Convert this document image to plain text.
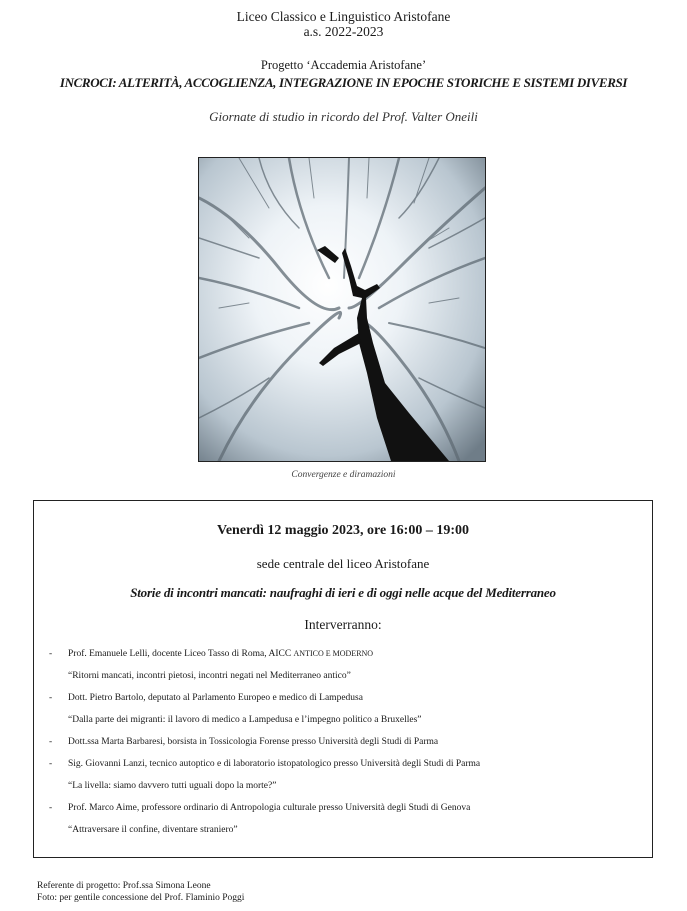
Liceo Classico e Linguistico Aristofane
a.s. 2022-2023
Progetto ‘Accademia Aristofane’
INCROCI: ALTERITÀ, ACCOGLIENZA, INTEGRAZIONE IN EPOCHE STORICHE E SISTEMI DIVERSI
Giornate di studio in ricordo del Prof. Valter Oneili
Convergenze e diramazioni
Venerdì 12 maggio 2023, ore 16:00 – 19:00
sede centrale del liceo Aristofane
Storie di incontri mancati: naufraghi di ieri e di oggi nelle acque del Mediterraneo
Interverranno:
- Prof. Emanuele Lelli, docente Liceo Tasso di Roma, AICC ANTICO E MODERNO
“Ritorni mancati, incontri pietosi, incontri negati nel Mediterraneo antico”
- Dott. Pietro Bartolo, deputato al Parlamento Europeo e medico di Lampedusa
“Dalla parte dei migranti: il lavoro di medico a Lampedusa e l’impegno politico a Bruxelles”
- Dott.ssa Marta Barbaresi, borsista in Tossicologia Forense presso Università degli Studi di Parma
- Sig. Giovanni Lanzi, tecnico autoptico e di laboratorio istopatologico presso Università degli Studi di Parma
“La livella: siamo davvero tutti uguali dopo la morte?”
- Prof. Marco Aime, professore ordinario di Antropologia culturale presso Università degli Studi di Genova
“Attraversare il confine, diventare straniero”
Referente di progetto: Prof.ssa Simona Leone
Foto: per gentile concessione del Prof. Flaminio Poggi
